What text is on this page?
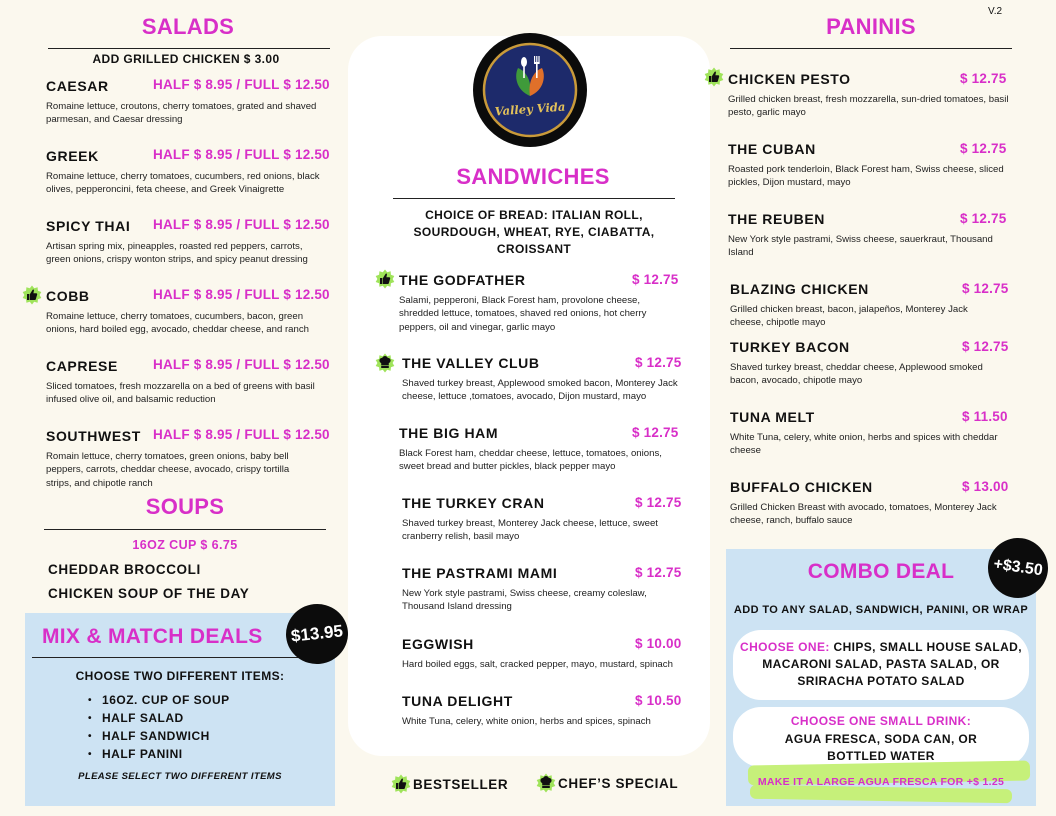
V.2
SALADS
ADD GRILLED CHICKEN $ 3.00
CAESAR	HALF $ 8.95 / FULL $ 12.50
Romaine lettuce, croutons, cherry tomatoes, grated and shaved parmesan, and Caesar dressing
GREEK	HALF $ 8.95 / FULL $ 12.50
Romaine lettuce, cherry tomatoes, cucumbers, red onions, black olives, pepperoncini, feta cheese, and Greek Vinaigrette
SPICY THAI HALF $ 8.95 / FULL $ 12.50
Artisan spring mix, pineapples, roasted red peppers, carrots, green onions, crispy wonton strips, and spicy peanut dressing
COBB	HALF $ 8.95 / FULL $ 12.50
Romaine lettuce, cherry tomatoes, cucumbers, bacon, green onions, hard boiled egg, avocado, cheddar cheese, and ranch
CAPRESE	HALF $ 8.95 / FULL $ 12.50
Sliced tomatoes, fresh mozzarella on a bed of greens with basil infused olive oil, and balsamic reduction
SOUTHWEST HALF $ 8.95 / FULL $ 12.50
Romain lettuce, cherry tomatoes, green onions, baby bell peppers, carrots, cheddar cheese, avocado, crispy tortilla strips, and chipotle ranch
SOUPS
16OZ CUP $ 6.75
CHEDDAR BROCCOLI
CHICKEN SOUP OF THE DAY
MIX & MATCH DEALS	$13.95
CHOOSE TWO DIFFERENT ITEMS:
• 16OZ. CUP OF SOUP
• HALF SALAD
• HALF SANDWICH
• HALF PANINI
PLEASE SELECT TWO DIFFERENT ITEMS
Valley Vida
SANDWICHES
CHOICE OF BREAD: ITALIAN ROLL, SOURDOUGH, WHEAT, RYE, CIABATTA, CROISSANT
THE GODFATHER	$ 12.75
Salami, pepperoni, Black Forest ham, provolone cheese, shredded lettuce, tomatoes, shaved red onions, hot cherry peppers, oil and vinegar, garlic mayo
THE VALLEY CLUB	$ 12.75
Shaved turkey breast, Applewood smoked bacon, Monterey Jack cheese, lettuce ,tomatoes, avocado, Dijon mustard, mayo
THE BIG HAM	$ 12.75
Black Forest ham, cheddar cheese, lettuce, tomatoes, onions, sweet bread and butter pickles, black pepper mayo
THE TURKEY CRAN	$ 12.75
Shaved turkey breast, Monterey Jack cheese, lettuce, sweet cranberry relish, basil mayo
THE PASTRAMI MAMI	$ 12.75
New York style pastrami, Swiss cheese, creamy coleslaw, Thousand Island dressing
EGGWISH	$ 10.00
Hard boiled eggs, salt, cracked pepper, mayo, mustard, spinach
TUNA DELIGHT	$ 10.50
White Tuna, celery, white onion, herbs and spices, spinach
BESTSELLER	CHEF’S SPECIAL
PANINIS
CHICKEN PESTO	$ 12.75
Grilled chicken breast, fresh mozzarella, sun-dried tomatoes, basil pesto, garlic mayo
THE CUBAN	$ 12.75
Roasted pork tenderloin, Black Forest ham, Swiss cheese, sliced pickles, Dijon mustard, mayo
THE REUBEN	$ 12.75
New York style pastrami, Swiss cheese, sauerkraut, Thousand Island
BLAZING CHICKEN	$ 12.75
Grilled chicken breast, bacon, jalapeños, Monterey Jack cheese, chipotle mayo
TURKEY BACON	$ 12.75
Shaved turkey breast, cheddar cheese, Applewood smoked bacon, avocado, chipotle mayo
TUNA MELT	$ 11.50
White Tuna, celery, white onion, herbs and spices with cheddar cheese
BUFFALO CHICKEN	$ 13.00
Grilled Chicken Breast with avocado, tomatoes, Monterey Jack cheese, ranch, buffalo sauce
COMBO DEAL	+$3.50
ADD TO ANY SALAD, SANDWICH, PANINI, OR WRAP
CHOOSE ONE: CHIPS, SMALL HOUSE SALAD, MACARONI SALAD, PASTA SALAD, OR SRIRACHA POTATO SALAD
CHOOSE ONE SMALL DRINK:
AGUA FRESCA, SODA CAN, OR BOTTLED WATER
MAKE IT A LARGE AGUA FRESCA FOR +$ 1.25
